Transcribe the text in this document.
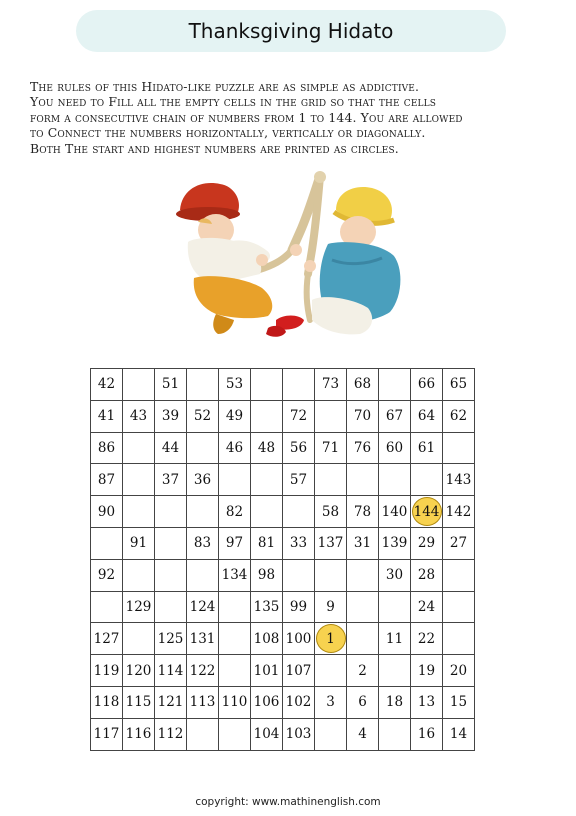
Thanksgiving Hidato
The rules of this Hidato-like puzzle are as simple as addictive.
You need to Fill all the empty cells in the grid so that the cells
form a consecutive chain of numbers from 1 to 144. You are allowed
to Connect the numbers horizontally, vertically or diagonally.
Both The start and highest numbers are printed as circles.
42		51		53			73	68		66	65
41	43	39	52	49		72		70	67	64	62
86		44		46	48	56	71	76	60	61	
87		37	36			57					143
90				82			58	78	140	144	142
	91		83	97	81	33	137	31	139	29	27
92				134	98				30	28	
	129		124		135	99	9			24	
127		125	131		108	100	1		11	22	
119	120	114	122		101	107		2		19	20
118	115	121	113	110	106	102	3	6	18	13	15
117	116	112			104	103		4		16	14
copyright: www.mathinenglish.com
